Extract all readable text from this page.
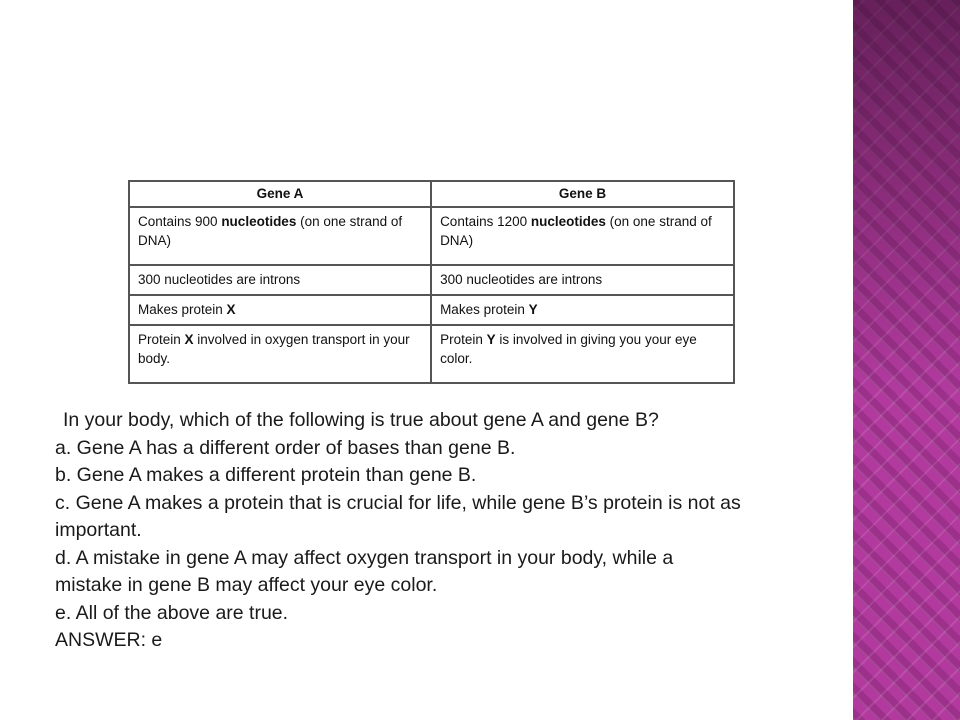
Gene A	Gene B
Contains 900 nucleotides (on one strand of DNA)	Contains 1200 nucleotides (on one strand of DNA)
300 nucleotides are introns	300 nucleotides are introns
Makes protein X	Makes protein Y
Protein X involved in oxygen transport in your body.	Protein Y is involved in giving you your eye color.

In your body, which of the following is true about gene A and gene B?

a. Gene A has a different order of bases than gene B.

b. Gene A makes a different protein than gene B.

c. Gene A makes a protein that is crucial for life, while gene B’s protein is not as important.

d. A mistake in gene A may affect oxygen transport in your body, while a mistake in gene B may affect your eye color.

e. All of the above are true.

ANSWER: e
